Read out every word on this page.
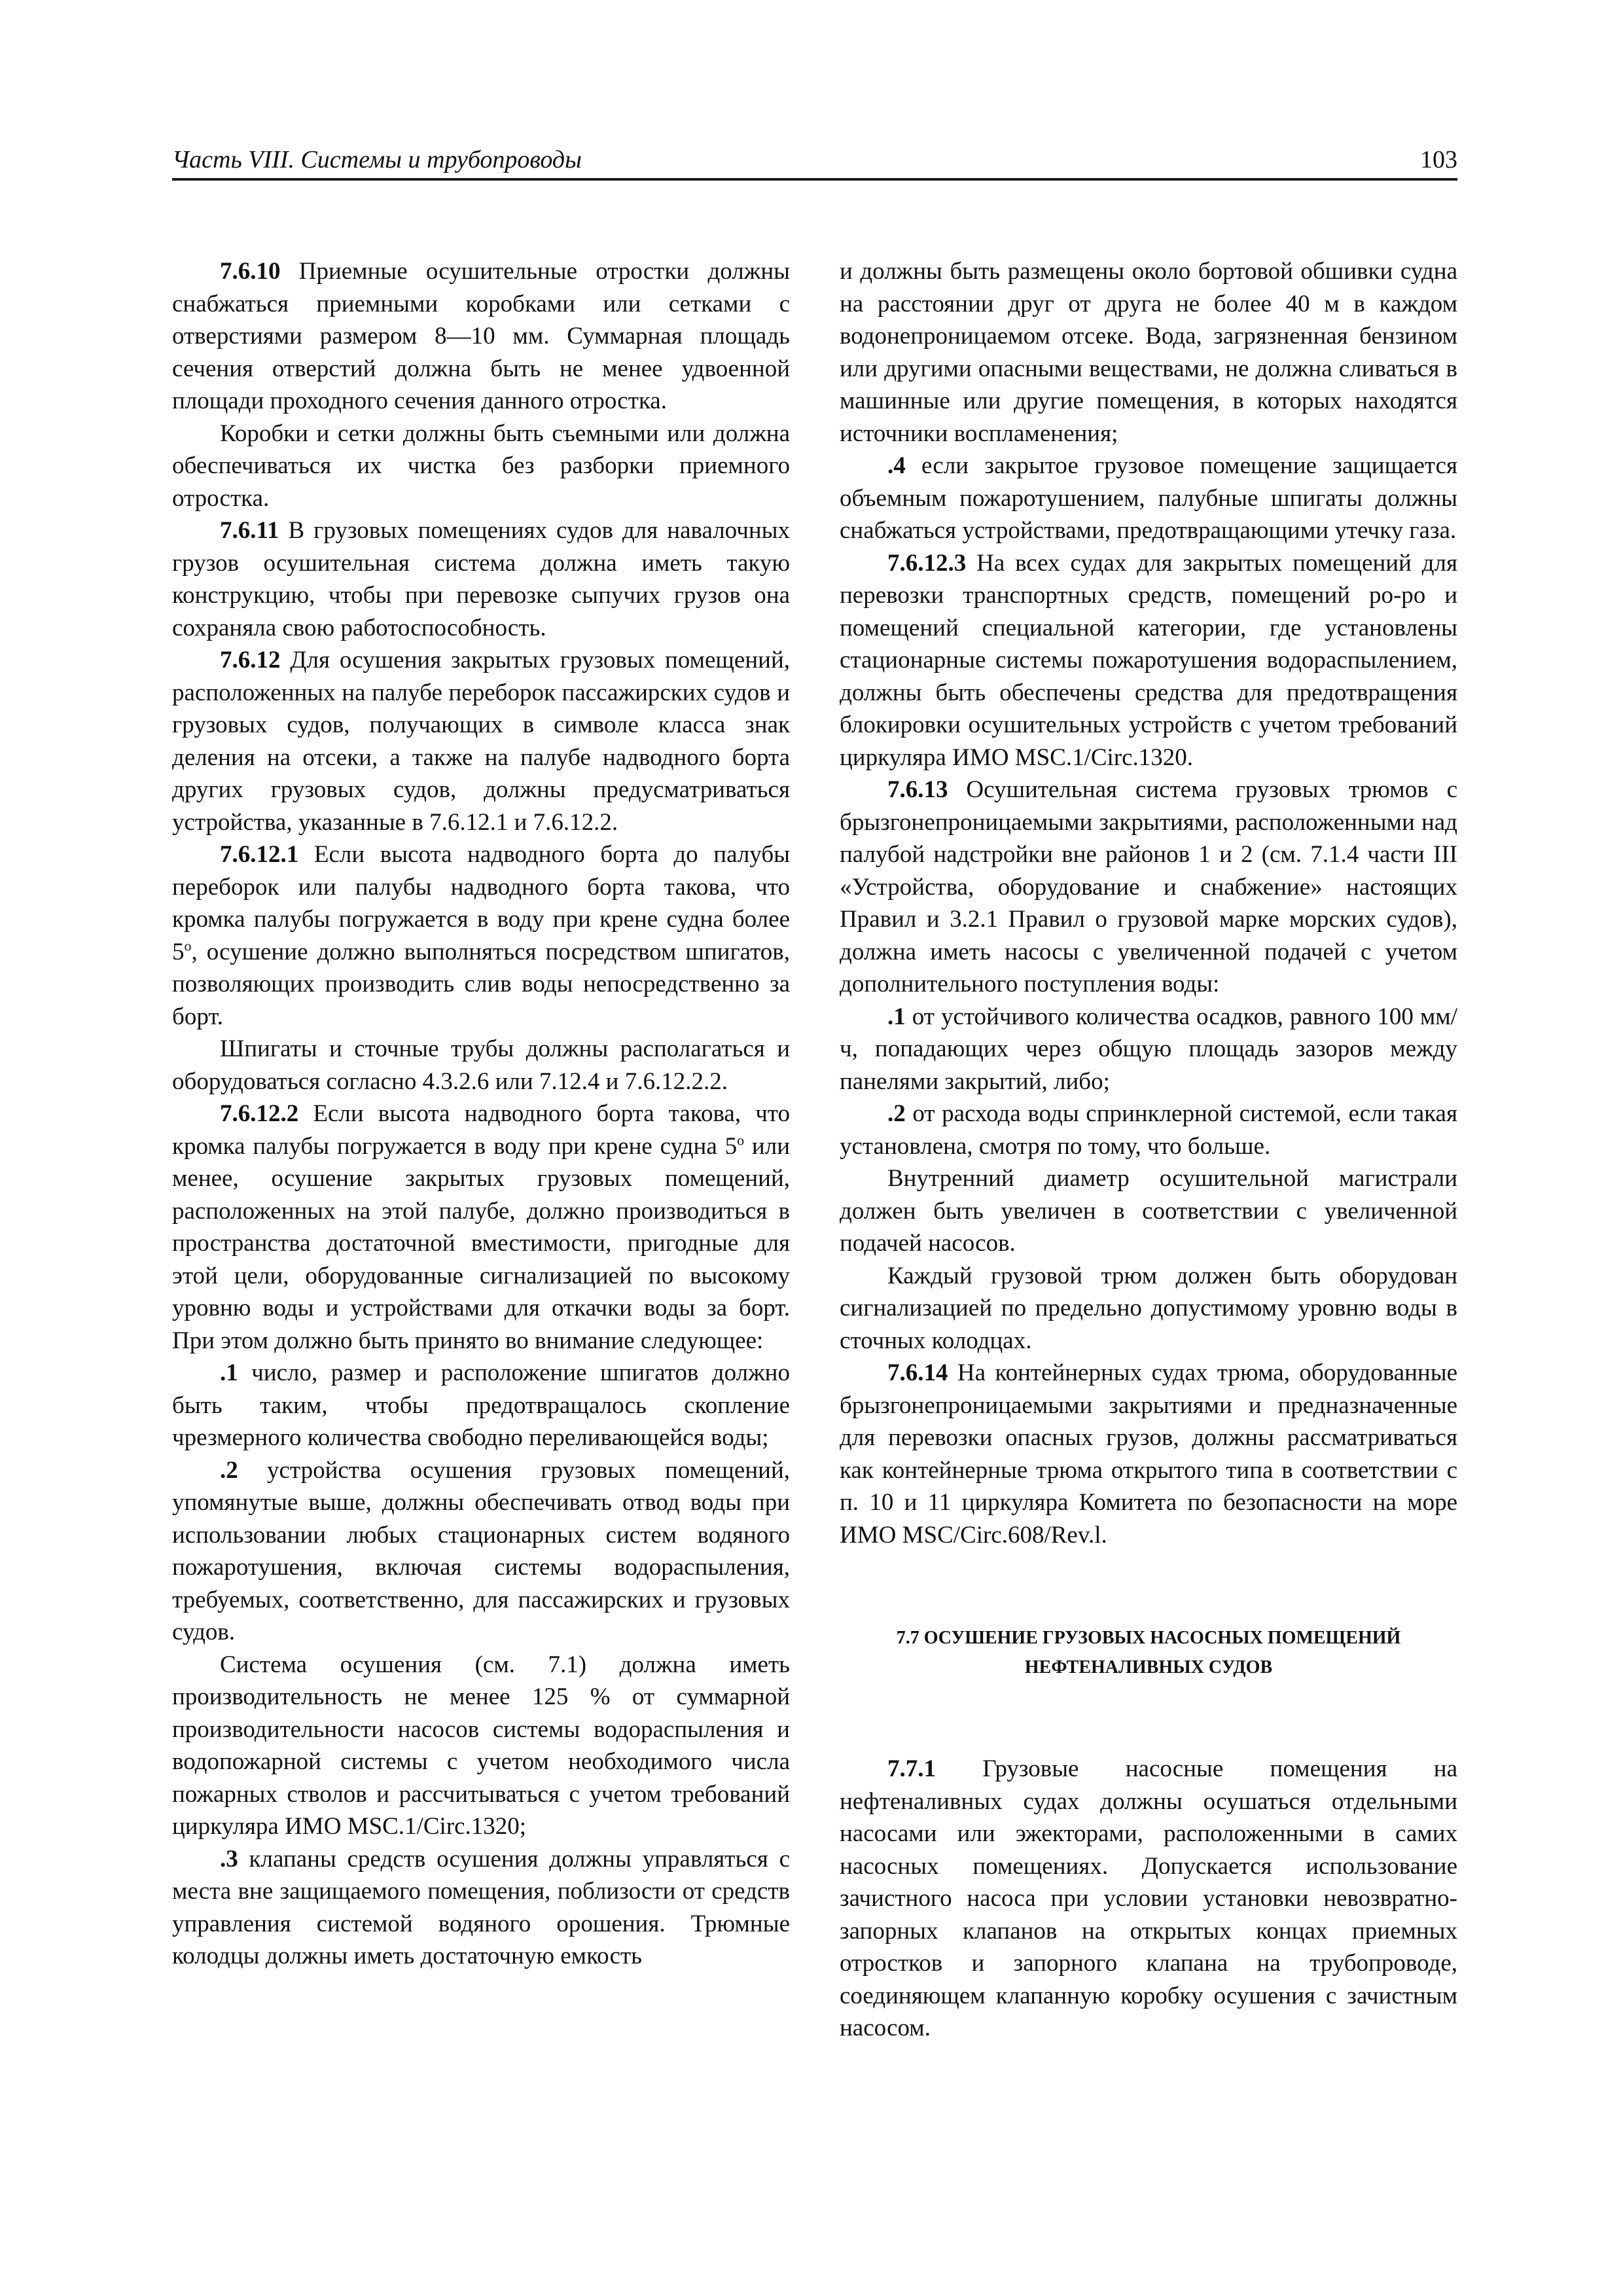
Часть VIII. Системы и трубопроводы	103

7.6.10 Приемные осушительные отростки должны снабжаться приемными коробками или сетками с отверстиями размером 8—10 мм. Суммарная площадь сечения отверстий должна быть не менее удвоенной площади проходного сечения данного отростка.

Коробки и сетки должны быть съемными или должна обеспечиваться их чистка без разборки приемного отростка.

7.6.11 В грузовых помещениях судов для навалочных грузов осушительная система должна иметь такую конструкцию, чтобы при перевозке сыпучих грузов она сохраняла свою работоспособность.

7.6.12 Для осушения закрытых грузовых помещений, расположенных на палубе переборок пассажирских судов и грузовых судов, получающих в символе класса знак деления на отсеки, а также на палубе надводного борта других грузовых судов, должны предусматриваться устройства, указанные в 7.6.12.1 и 7.6.12.2.

7.6.12.1 Если высота надводного борта до палубы переборок или палубы надводного борта такова, что кромка палубы погружается в воду при крене судна более 5$^o$, осушение должно выполняться посредством шпигатов, позволяющих производить слив воды непосредственно за борт.

Шпигаты и сточные трубы должны располагаться и оборудоваться согласно 4.3.2.6 или 7.12.4 и 7.6.12.2.2.

7.6.12.2 Если высота надводного борта такова, что кромка палубы погружается в воду при крене судна 5$^o$ или менее, осушение закрытых грузовых помещений, расположенных на этой палубе, должно производиться в пространства достаточной вместимости, пригодные для этой цели, оборудованные сигнализацией по высокому уровню воды и устройствами для откачки воды за борт. При этом должно быть принято во внимание следующее:

.1 число, размер и расположение шпигатов должно быть таким, чтобы предотвращалось скопление чрезмерного количества свободно переливающейся воды;

.2 устройства осушения грузовых помещений, упомянутые выше, должны обеспечивать отвод воды при использовании любых стационарных систем водяного пожаротушения, включая системы водораспыления, требуемых, соответственно, для пассажирских и грузовых судов.

Система осушения (см. 7.1) должна иметь производительность не менее 125 % от суммарной производительности насосов системы водораспыления и водопожарной системы с учетом необходимого числа пожарных стволов и рассчитываться с учетом требований циркуляра ИМО MSC.1/Circ.1320;

.3 клапаны средств осушения должны управляться с места вне защищаемого помещения, поблизости от средств управления системой водяного орошения. Трюмные колодцы должны иметь достаточную емкость

и должны быть размещены около бортовой обшивки судна на расстоянии друг от друга не более 40 м в каждом водонепроницаемом отсеке. Вода, загрязненная бензином или другими опасными веществами, не должна сливаться в машинные или другие помещения, в которых находятся источники воспламенения;

.4 если закрытое грузовое помещение защищается объемным пожаротушением, палубные шпигаты должны снабжаться устройствами, предотвращающими утечку газа.

7.6.12.3 На всех судах для закрытых помещений для перевозки транспортных средств, помещений ро-ро и помещений специальной категории, где установлены стационарные системы пожаротушения водораспылением, должны быть обеспечены средства для предотвращения блокировки осушительных устройств с учетом требований циркуляра ИМО MSC.1/Circ.1320.

7.6.13 Осушительная система грузовых трюмов с брызгонепроницаемыми закрытиями, расположенными над палубой надстройки вне районов 1 и 2 (см. 7.1.4 части III «Устройства, оборудование и снабжение» настоящих Правил и 3.2.1 Правил о грузовой марке морских судов), должна иметь насосы с увеличенной подачей с учетом дополнительного поступления воды:

.1 от устойчивого количества осадков, равного 100 мм/ч, попадающих через общую площадь зазоров между панелями закрытий, либо;

.2 от расхода воды спринклерной системой, если такая установлена, смотря по тому, что больше.

Внутренний диаметр осушительной магистрали должен быть увеличен в соответствии с увеличенной подачей насосов.

Каждый грузовой трюм должен быть оборудован сигнализацией по предельно допустимому уровню воды в сточных колодцах.

7.6.14 На контейнерных судах трюма, оборудованные брызгонепроницаемыми закрытиями и предназначенные для перевозки опасных грузов, должны рассматриваться как контейнерные трюма открытого типа в соответствии с п. 10 и 11 циркуляра Комитета по безопасности на море ИМО MSC/Circ.608/Rev.l.

7.7 ОСУШЕНИЕ ГРУЗОВЫХ НАСОСНЫХ ПОМЕЩЕНИЙ НЕФТЕНАЛИВНЫХ СУДОВ

7.7.1 Грузовые насосные помещения на нефтеналивных судах должны осушаться отдельными насосами или эжекторами, расположенными в самих насосных помещениях. Допускается использование зачистного насоса при условии установки невозвратно-запорных клапанов на открытых концах приемных отростков и запорного клапана на трубопроводе, соединяющем клапанную коробку осушения с зачистным насосом.
